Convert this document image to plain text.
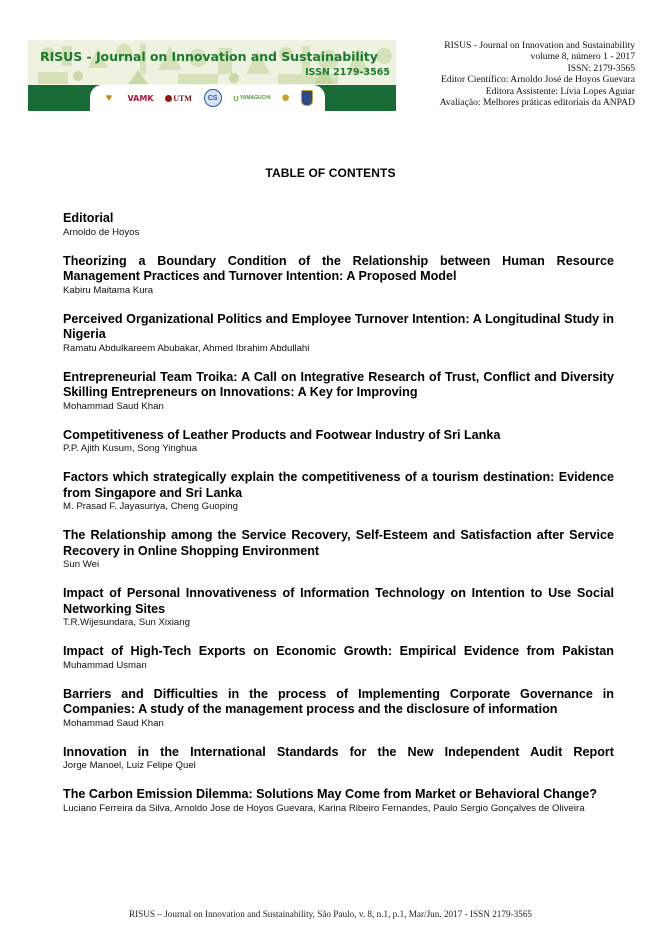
RISUS - Journal on Innovation and Sustainability
ISSN 2179-3565
♥ VAMK	UTM	CS	ʊ YAMAGUCHI ✺
RISUS - Journal on Innovation and Sustainability
volume 8, número 1 - 2017
ISSN: 2179-3565
Editor Científico: Arnoldo José de Hoyos Guevara
Editora Assistente: Lívia Lopes Aguiar
Avaliação: Melhores práticas editoriais da ANPAD
TABLE OF CONTENTS
Editorial
Arnoldo de Hoyos
Theorizing a Boundary Condition of the Relationship between Human Resource Management Practices and Turnover Intention: A Proposed Model
Kabiru Maitama Kura
Perceived Organizational Politics and Employee Turnover Intention: A Longitudinal Study in Nigeria
Ramatu Abdulkareem Abubakar, Ahmed Ibrahim Abdullahi
Entrepreneurial Team Troika: A Call on Integrative Research of Trust, Conflict and Diversity Skilling Entrepreneurs on Innovations: A Key for Improving
Mohammad Saud Khan
Competitiveness of Leather Products and Footwear Industry of Sri Lanka
P.P. Ajith Kusum, Song Yinghua
Factors which strategically explain the competitiveness of a tourism destination: Evidence from Singapore and Sri Lanka
M. Prasad F. Jayasuriya, Cheng Guoping
The Relationship among the Service Recovery, Self-Esteem and Satisfaction after Service Recovery in Online Shopping Environment
Sun Wei
Impact of Personal Innovativeness of Information Technology on Intention to Use Social Networking Sites
T.R.Wijesundara, Sun Xixiang
Impact of High-Tech Exports on Economic Growth: Empirical Evidence from Pakistan
Muhammad Usman
Barriers and Difficulties in the process of Implementing Corporate Governance in Companies: A study of the management process and the disclosure of information
Mohammad Saud Khan
Innovation in the International Standards for the New Independent Audit Report
Jorge Manoel, Luiz Felipe Quel
The Carbon Emission Dilemma: Solutions May Come from Market or Behavioral Change?
Luciano Ferreira da Silva, Arnoldo Jose de Hoyos Guevara, Karina Ribeiro Fernandes, Paulo Sergio Gonçalves de Oliveira
RISUS – Journal on Innovation and Sustainability, São Paulo, v. 8, n.1, p.1, Mar/Jun. 2017 - ISSN 2179-3565
